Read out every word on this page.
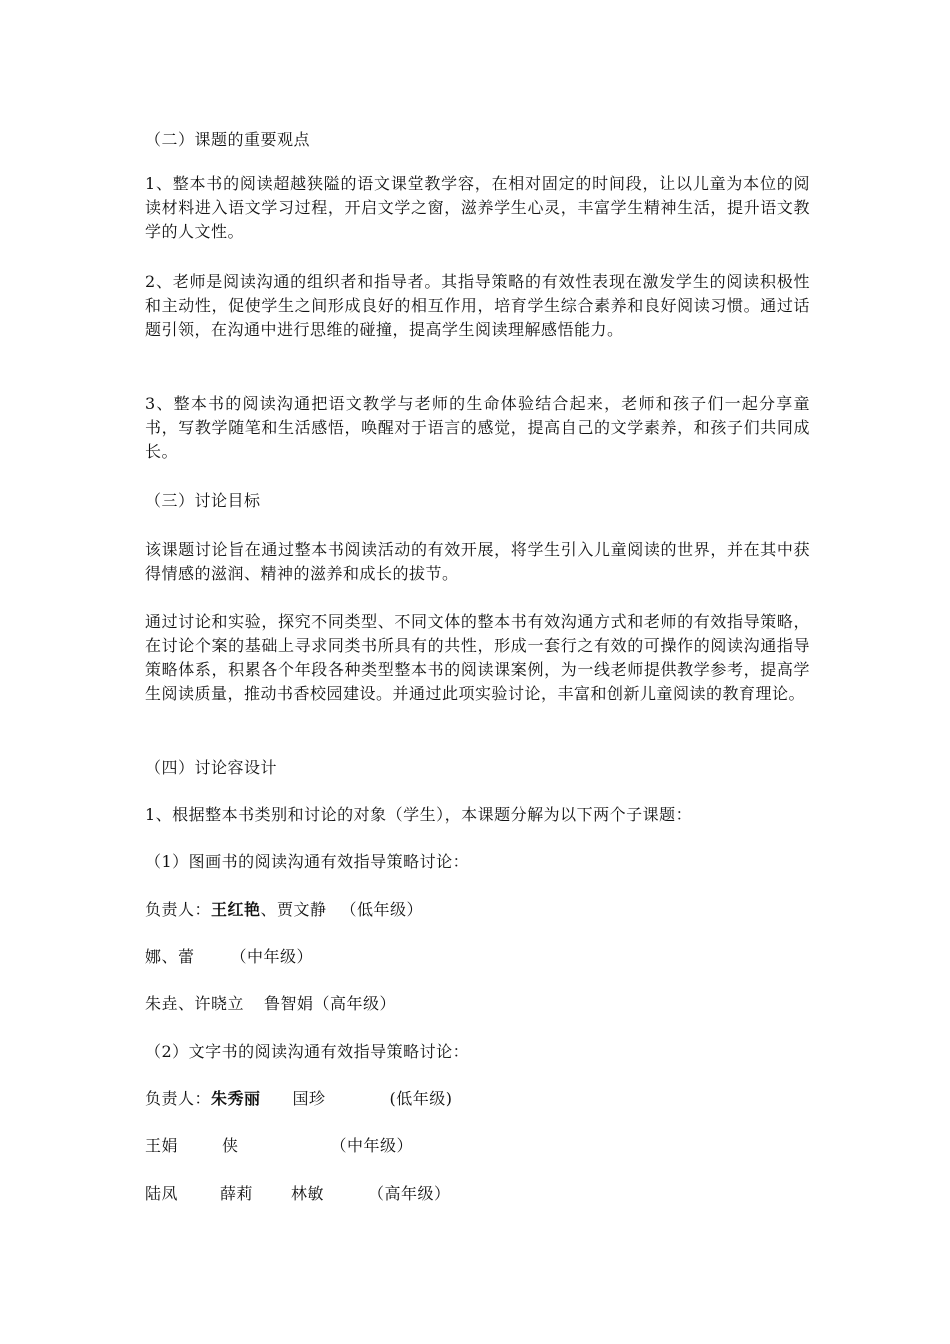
（二）课题的重要观点
1、整本书的阅读超越狭隘的语文课堂教学容，在相对固定的时间段，让以儿童为本位的阅读材料进入语文学习过程，开启文学之窗，滋养学生心灵，丰富学生精神生活，提升语文教学的人文性。
2、老师是阅读沟通的组织者和指导者。其指导策略的有效性表现在激发学生的阅读积极性和主动性，促使学生之间形成良好的相互作用，培育学生综合素养和良好阅读习惯。通过话题引领，在沟通中进行思维的碰撞，提高学生阅读理解感悟能力。
3、整本书的阅读沟通把语文教学与老师的生命体验结合起来，老师和孩子们一起分享童书，写教学随笔和生活感悟，唤醒对于语言的感觉，提高自己的文学素养，和孩子们共同成长。
（三）讨论目标
该课题讨论旨在通过整本书阅读活动的有效开展，将学生引入儿童阅读的世界，并在其中获得情感的滋润、精神的滋养和成长的拔节。
通过讨论和实验，探究不同类型、不同文体的整本书有效沟通方式和老师的有效指导策略，在讨论个案的基础上寻求同类书所具有的共性，形成一套行之有效的可操作的阅读沟通指导策略体系，积累各个年段各种类型整本书的阅读课案例，为一线老师提供教学参考，提高学生阅读质量，推动书香校园建设。并通过此项实验讨论，丰富和创新儿童阅读的教育理论。
（四）讨论容设计
1、根据整本书类别和讨论的对象（学生），本课题分解为以下两个子课题：
（1）图画书的阅读沟通有效指导策略讨论：
负责人：王红艳、贾文静 （低年级）
娜、蕾 （中年级）
朱垚、许晓立 鲁智娟（高年级）
（2）文字书的阅读沟通有效指导策略讨论：
负责人：朱秀丽 国珍	(低年级)
王娟	侠	（中年级）
陆凤	薛莉 林敏	（高年级）
